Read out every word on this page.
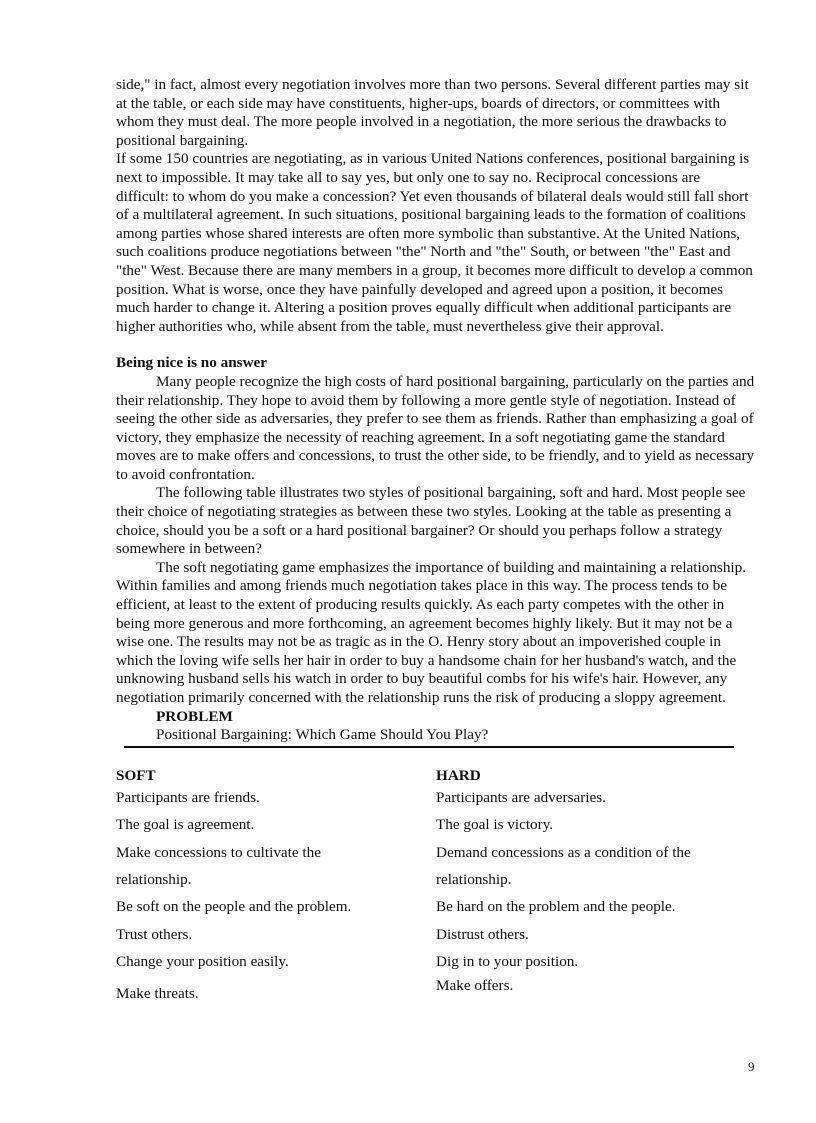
side," in fact, almost every negotiation involves more than two persons. Several different parties may sit at the table, or each side may have constituents, higher-ups, boards of directors, or committees with whom they must deal. The more people involved in a negotiation, the more serious the drawbacks to positional bargaining.

If some 150 countries are negotiating, as in various United Nations conferences, positional bargaining is next to impossible. It may take all to say yes, but only one to say no. Reciprocal concessions are difficult: to whom do you make a concession? Yet even thousands of bilateral deals would still fall short of a multilateral agreement. In such situations, positional bargaining leads to the formation of coalitions among parties whose shared interests are often more symbolic than substantive. At the United Nations, such coalitions produce negotiations between "the" North and "the" South, or between "the" East and "the" West. Because there are many members in a group, it becomes more difficult to develop a common position. What is worse, once they have painfully developed and agreed upon a position, it becomes much harder to change it. Altering a position proves equally difficult when additional participants are higher authorities who, while absent from the table, must nevertheless give their approval.

Being nice is no answer

Many people recognize the high costs of hard positional bargaining, particularly on the parties and their relationship. They hope to avoid them by following a more gentle style of negotiation. Instead of seeing the other side as adversaries, they prefer to see them as friends. Rather than emphasizing a goal of victory, they emphasize the necessity of reaching agreement. In a soft negotiating game the standard moves are to make offers and concessions, to trust the other side, to be friendly, and to yield as necessary to avoid confrontation.

The following table illustrates two styles of positional bargaining, soft and hard. Most people see their choice of negotiating strategies as between these two styles. Looking at the table as presenting a choice, should you be a soft or a hard positional bargainer? Or should you perhaps follow a strategy somewhere in between?

The soft negotiating game emphasizes the importance of building and maintaining a relationship. Within families and among friends much negotiation takes place in this way. The process tends to be efficient, at least to the extent of producing results quickly. As each party competes with the other in being more generous and more forthcoming, an agreement becomes highly likely. But it may not be a wise one. The results may not be as tragic as in the O. Henry story about an impoverished couple in which the loving wife sells her hair in order to buy a handsome chain for her husband's watch, and the unknowing husband sells his watch in order to buy beautiful combs for his wife's hair. However, any negotiation primarily concerned with the relationship runs the risk of producing a sloppy agreement.

PROBLEM

Positional Bargaining: Which Game Should You Play?

SOFT
Participants are friends.
The goal is agreement.
Make concessions to cultivate the
relationship.
Be soft on the people and the problem.
Trust others.
Change your position easily.
Make threats.
HARD
Participants are adversaries.
The goal is victory.
Demand concessions as a condition of the
relationship.
Be hard on the problem and the people.
Distrust others.
Dig in to your position.
Make offers.
9
